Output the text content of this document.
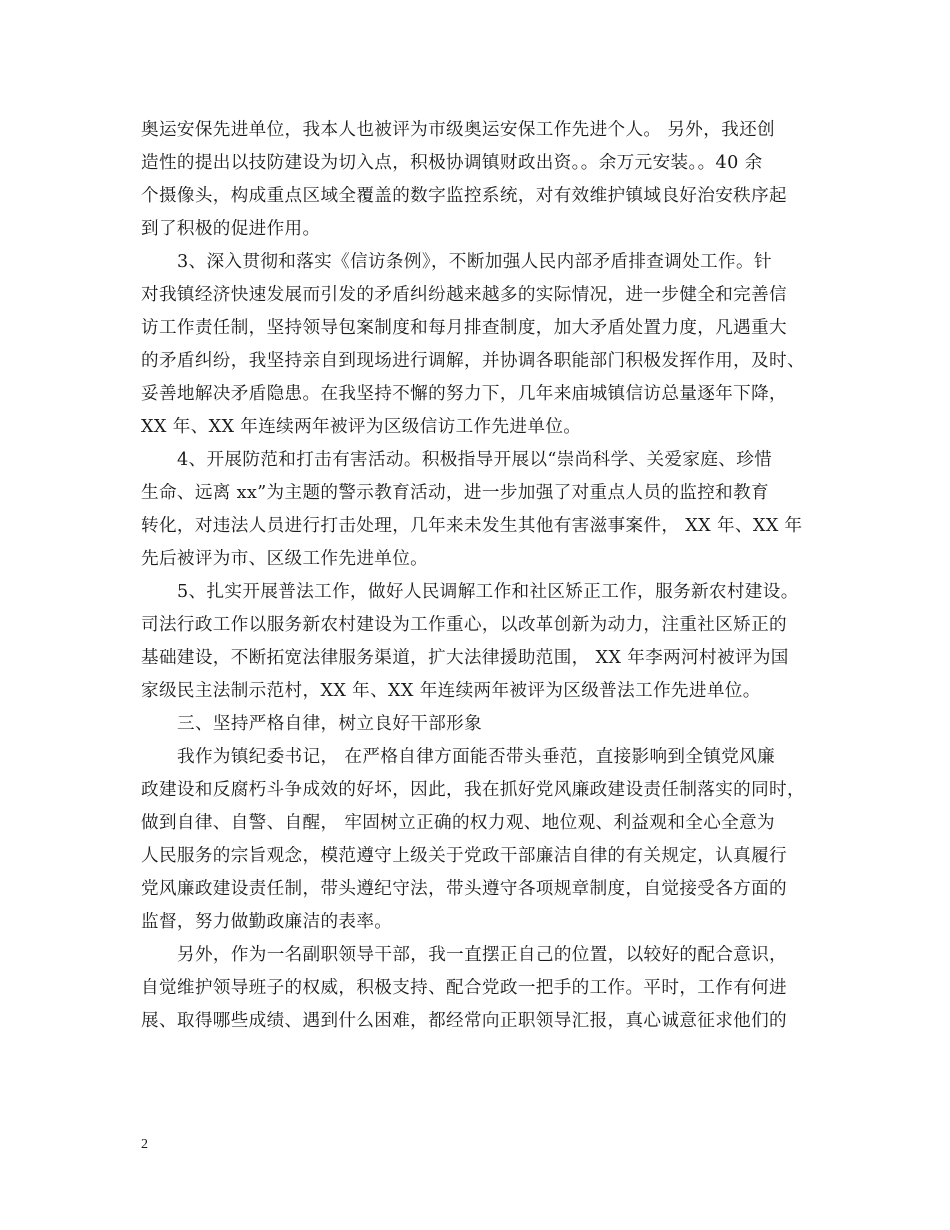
奥运安保先进单位，我本人也被评为市级奥运安保工作先进个人。 另外，我还创
造性的提出以技防建设为切入点，积极协调镇财政出资。。余万元安装。。40 余
个摄像头，构成重点区域全覆盖的数字监控系统，对有效维护镇域良好治安秩序起
到了积极的促进作用。
3、深入贯彻和落实《信访条例》，不断加强人民内部矛盾排查调处工作。针
对我镇经济快速发展而引发的矛盾纠纷越来越多的实际情况，进一步健全和完善信
访工作责任制，坚持领导包案制度和每月排查制度，加大矛盾处置力度，凡遇重大
的矛盾纠纷，我坚持亲自到现场进行调解，并协调各职能部门积极发挥作用，及时、
妥善地解决矛盾隐患。在我坚持不懈的努力下，几年来庙城镇信访总量逐年下降，
XX 年、XX 年连续两年被评为区级信访工作先进单位。
4、开展防范和打击有害活动。积极指导开展以“崇尚科学、关爱家庭、珍惜
生命、远离 xx”为主题的警示教育活动，进一步加强了对重点人员的监控和教育
转化，对违法人员进行打击处理，几年来未发生其他有害滋事案件， XX 年、XX 年
先后被评为市、区级工作先进单位。
5、扎实开展普法工作，做好人民调解工作和社区矫正工作，服务新农村建设。
司法行政工作以服务新农村建设为工作重心，以改革创新为动力，注重社区矫正的
基础建设，不断拓宽法律服务渠道，扩大法律援助范围， XX 年李两河村被评为国
家级民主法制示范村，XX 年、XX 年连续两年被评为区级普法工作先进单位。
三、坚持严格自律，树立良好干部形象
我作为镇纪委书记， 在严格自律方面能否带头垂范，直接影响到全镇党风廉
政建设和反腐朽斗争成效的好坏，因此，我在抓好党风廉政建设责任制落实的同时，
做到自律、自警、自醒， 牢固树立正确的权力观、地位观、利益观和全心全意为
人民服务的宗旨观念，模范遵守上级关于党政干部廉洁自律的有关规定，认真履行
党风廉政建设责任制，带头遵纪守法，带头遵守各项规章制度，自觉接受各方面的
监督，努力做勤政廉洁的表率。
另外，作为一名副职领导干部，我一直摆正自己的位置，以较好的配合意识，
自觉维护领导班子的权威，积极支持、配合党政一把手的工作。平时，工作有何进
展、取得哪些成绩、遇到什么困难，都经常向正职领导汇报，真心诚意征求他们的
2
